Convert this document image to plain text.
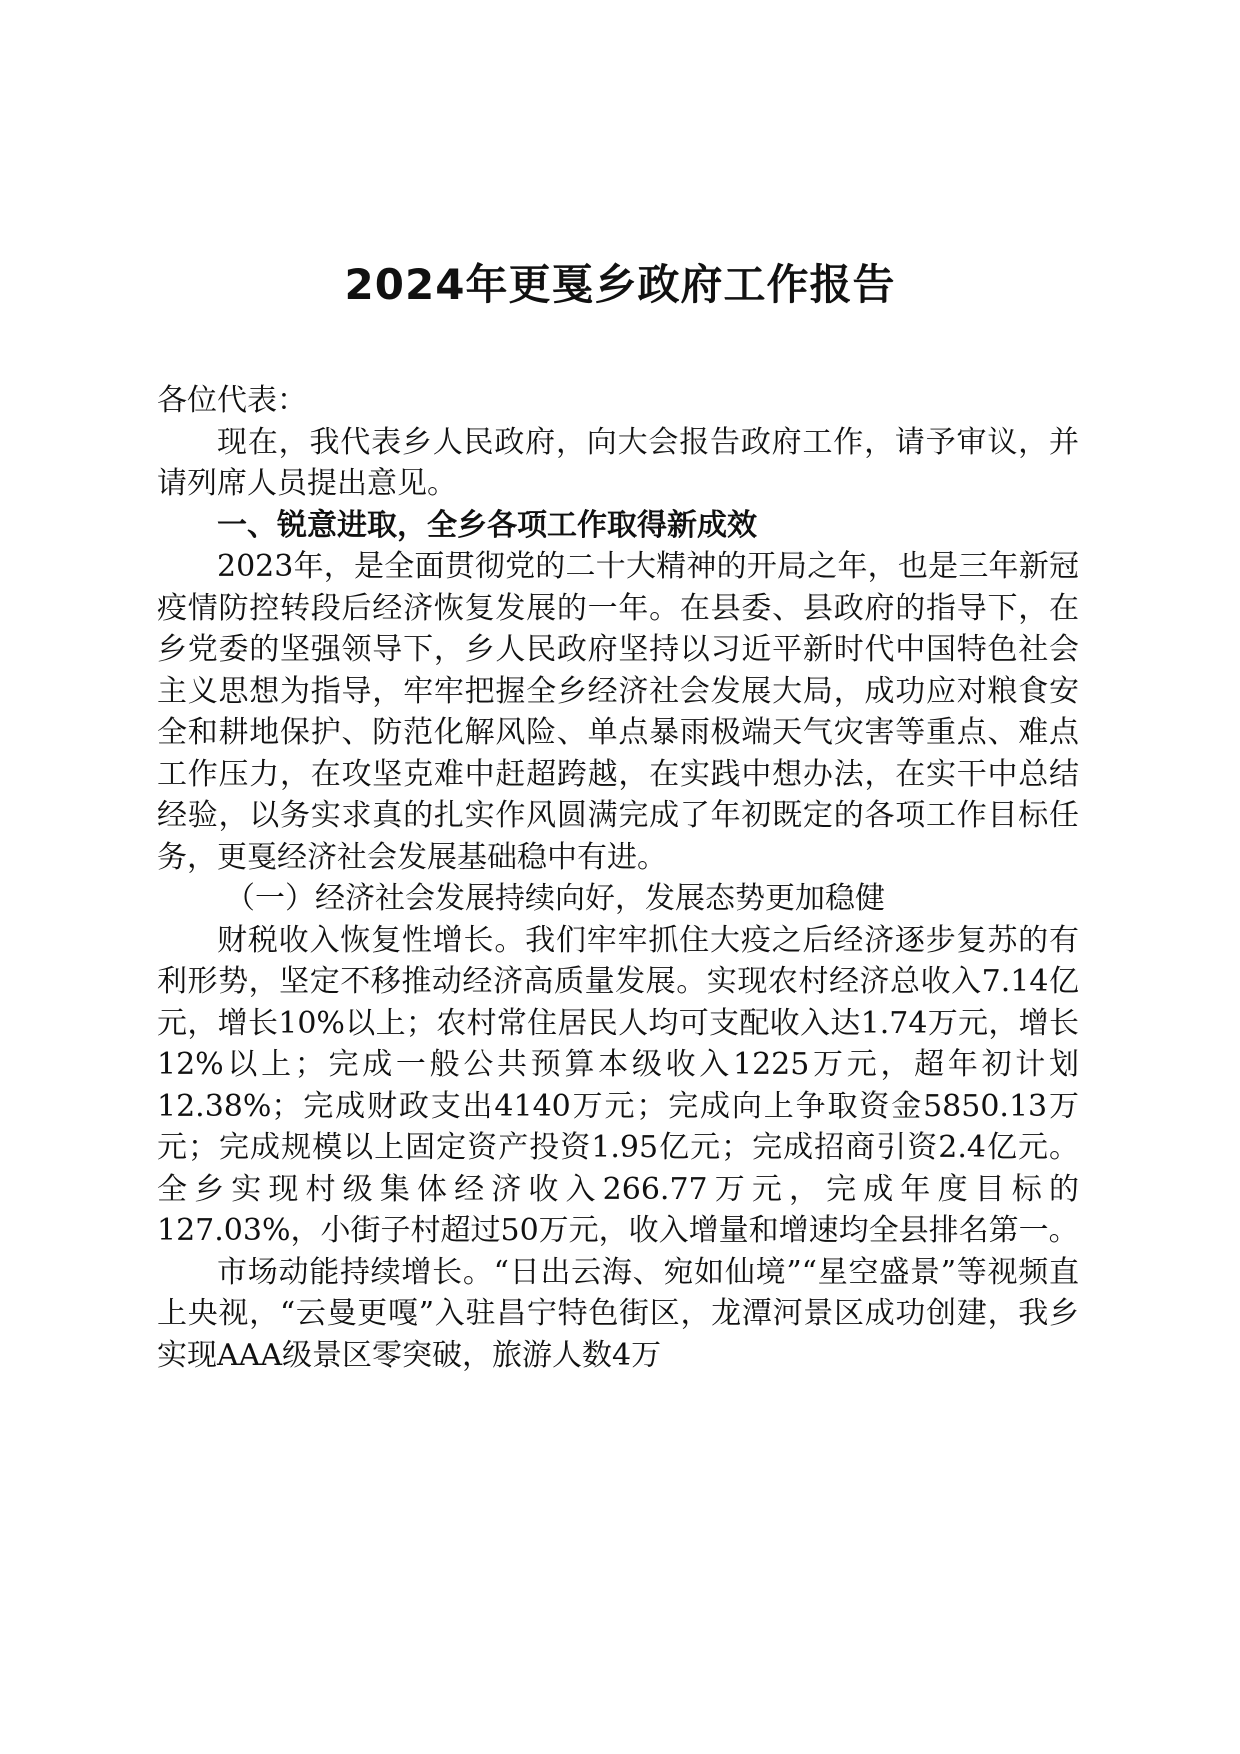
2024年更戛乡政府工作报告

各位代表：

现在，我代表乡人民政府，向大会报告政府工作，请予审议，并请列席人员提出意见。

一、锐意进取，全乡各项工作取得新成效

2023年，是全面贯彻党的二十大精神的开局之年，也是三年新冠疫情防控转段后经济恢复发展的一年。在县委、县政府的指导下，在乡党委的坚强领导下，乡人民政府坚持以习近平新时代中国特色社会主义思想为指导，牢牢把握全乡经济社会发展大局，成功应对粮食安全和耕地保护、防范化解风险、单点暴雨极端天气灾害等重点、难点工作压力，在攻坚克难中赶超跨越，在实践中想办法，在实干中总结经验，以务实求真的扎实作风圆满完成了年初既定的各项工作目标任务，更戛经济社会发展基础稳中有进。

（一）经济社会发展持续向好，发展态势更加稳健

财税收入恢复性增长。我们牢牢抓住大疫之后经济逐步复苏的有利形势，坚定不移推动经济高质量发展。实现农村经济总收入7.14亿元，增长10%以上；农村常住居民人均可支配收入达1.74万元，增长12%以上；完成一般公共预算本级收入1225万元，超年初计划12.38%；完成财政支出4140万元；完成向上争取资金5850.13万元；完成规模以上固定资产投资1.95亿元；完成招商引资2.4亿元。全乡实现村级集体经济收入266.77万元，完成年度目标的127.03%，小街子村超过50万元，收入增量和增速均全县排名第一。

市场动能持续增长。“日出云海、宛如仙境”“星空盛景”等视频直上央视，“云曼更嘎”入驻昌宁特色街区，龙潭河景区成功创建，我乡实现AAA级景区零突破，旅游人数4万
